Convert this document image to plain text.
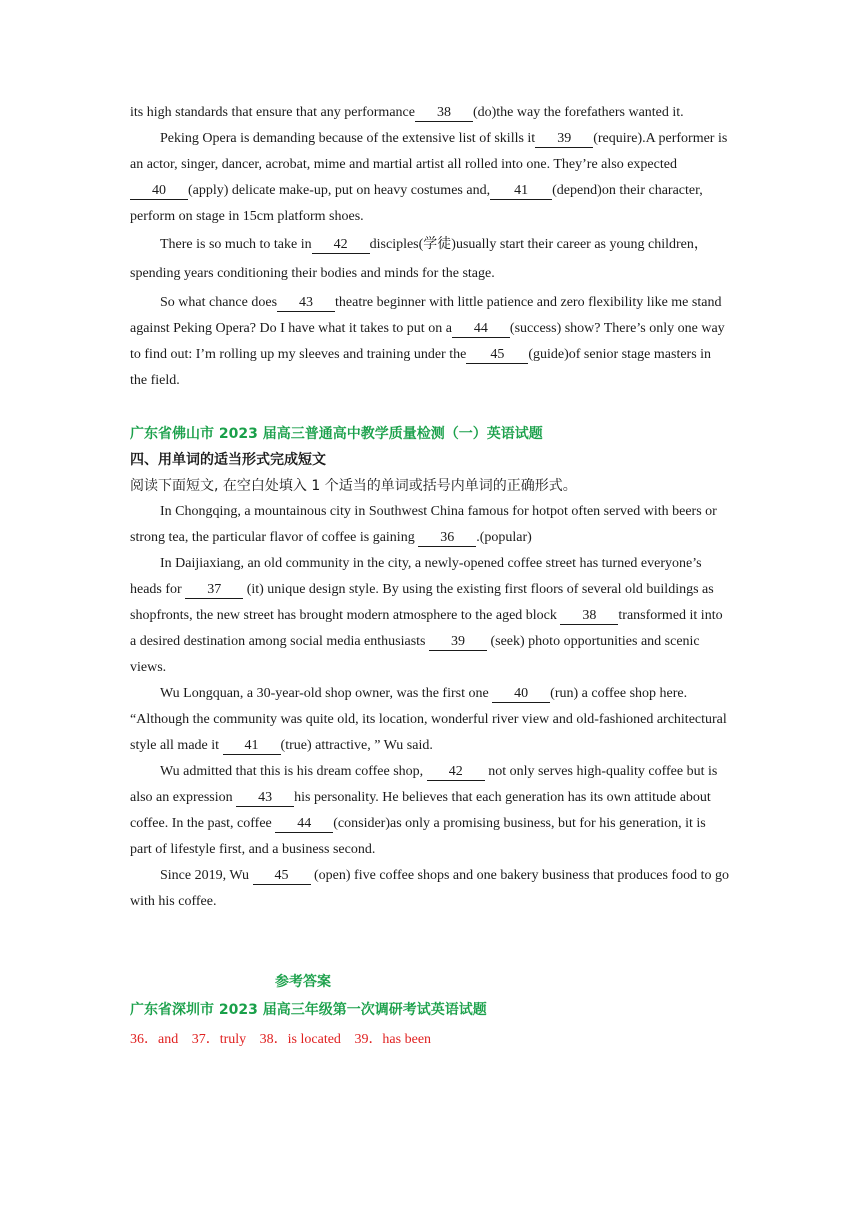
its high standards that ensure that any performance 38 (do)the way the forefathers wanted it.

Peking Opera is demanding because of the extensive list of skills it 39 (require).A performer is an actor, singer, dancer, acrobat, mime and martial artist all rolled into one. They’re also expected40 (apply) delicate make-up, put on heavy costumes and, 41 (depend)on their character, perform on stage in 15cm platform shoes.

There is so much to take in 42 disciples(学徒)usually start their career as young children，spending years conditioning their bodies and minds for the stage.

So what chance does 43 theatre beginner with little patience and zero flexibility like me stand against Peking Opera? Do I have what it takes to put on a 44 (success) show? There’s only one way to find out: I’m rolling up my sleeves and training under the 45 (guide)of senior stage masters in the field.

广东省佛山市 2023 届高三普通高中教学质量检测（一）英语试题

四、用单词的适当形式完成短文

阅读下面短文, 在空白处填入 1 个适当的单词或括号内单词的正确形式。

In Chongqing, a mountainous city in Southwest China famous for hotpot often served with beers or strong tea, the particular flavor of coffee is gaining 36 .(popular)

In Daijiaxiang, an old community in the city, a newly-opened coffee street has turned everyone’s heads for 37 (it) unique design style. By using the existing first floors of several old buildings as shopfronts, the new street has brought modern atmosphere to the aged block 38 transformed it into a desired destination among social media enthusiasts 39 (seek) photo opportunities and scenic views.

Wu Longquan, a 30-year-old shop owner, was the first one 40 (run) a coffee shop here. “Although the community was quite old, its location, wonderful river view and old-fashioned architectural style all made it 41 (true) attractive, ” Wu said.

Wu admitted that this is his dream coffee shop, 42 not only serves high-quality coffee but is also an expression 43 his personality. He believes that each generation has its own attitude about coffee. In the past, coffee 44 (consider)as only a promising business, but for his generation, it is part of lifestyle first, and a business second.

Since 2019, Wu 45 (open) five coffee shops and one bakery business that produces food to go with his coffee.

参考答案

广东省深圳市 2023 届高三年级第一次调研考试英语试题

36．and 37．truly 38．is located 39．has been
